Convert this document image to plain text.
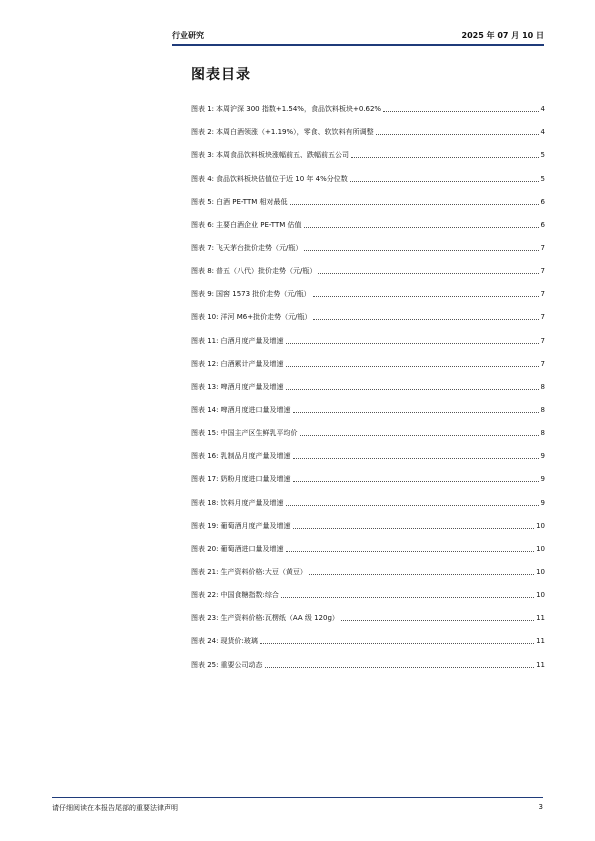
行业研究	2025 年 07 月 10 日
图表目录
图表 1: 本周沪深 300 指数+1.54%，食品饮料板块+0.62%	4
图表 2: 本周白酒领涨（+1.19%），零食、软饮料有所调整	4
图表 3: 本周食品饮料板块涨幅前五、跌幅前五公司	5
图表 4: 食品饮料板块估值位于近 10 年 4%分位数	5
图表 5: 白酒 PE-TTM 相对最低	6
图表 6: 主要白酒企业 PE-TTM 估值	6
图表 7: 飞天茅台批价走势（元/瓶）	7
图表 8: 普五（八代）批价走势（元/瓶）	7
图表 9: 国窖 1573 批价走势（元/瓶）	7
图表 10: 洋河 M6+批价走势（元/瓶）	7
图表 11: 白酒月度产量及增速	7
图表 12: 白酒累计产量及增速	7
图表 13: 啤酒月度产量及增速	8
图表 14: 啤酒月度进口量及增速	8
图表 15: 中国主产区生鲜乳平均价	8
图表 16: 乳制品月度产量及增速	9
图表 17: 奶粉月度进口量及增速	9
图表 18: 饮料月度产量及增速	9
图表 19: 葡萄酒月度产量及增速	10
图表 20: 葡萄酒进口量及增速	10
图表 21: 生产资料价格:大豆（黄豆）	10
图表 22: 中国食糖指数:综合	10
图表 23: 生产资料价格:瓦楞纸（AA 级 120g）	11
图表 24: 现货价:玻璃	11
图表 25: 重要公司动态	11
请仔细阅读在本报告尾部的重要法律声明	3
